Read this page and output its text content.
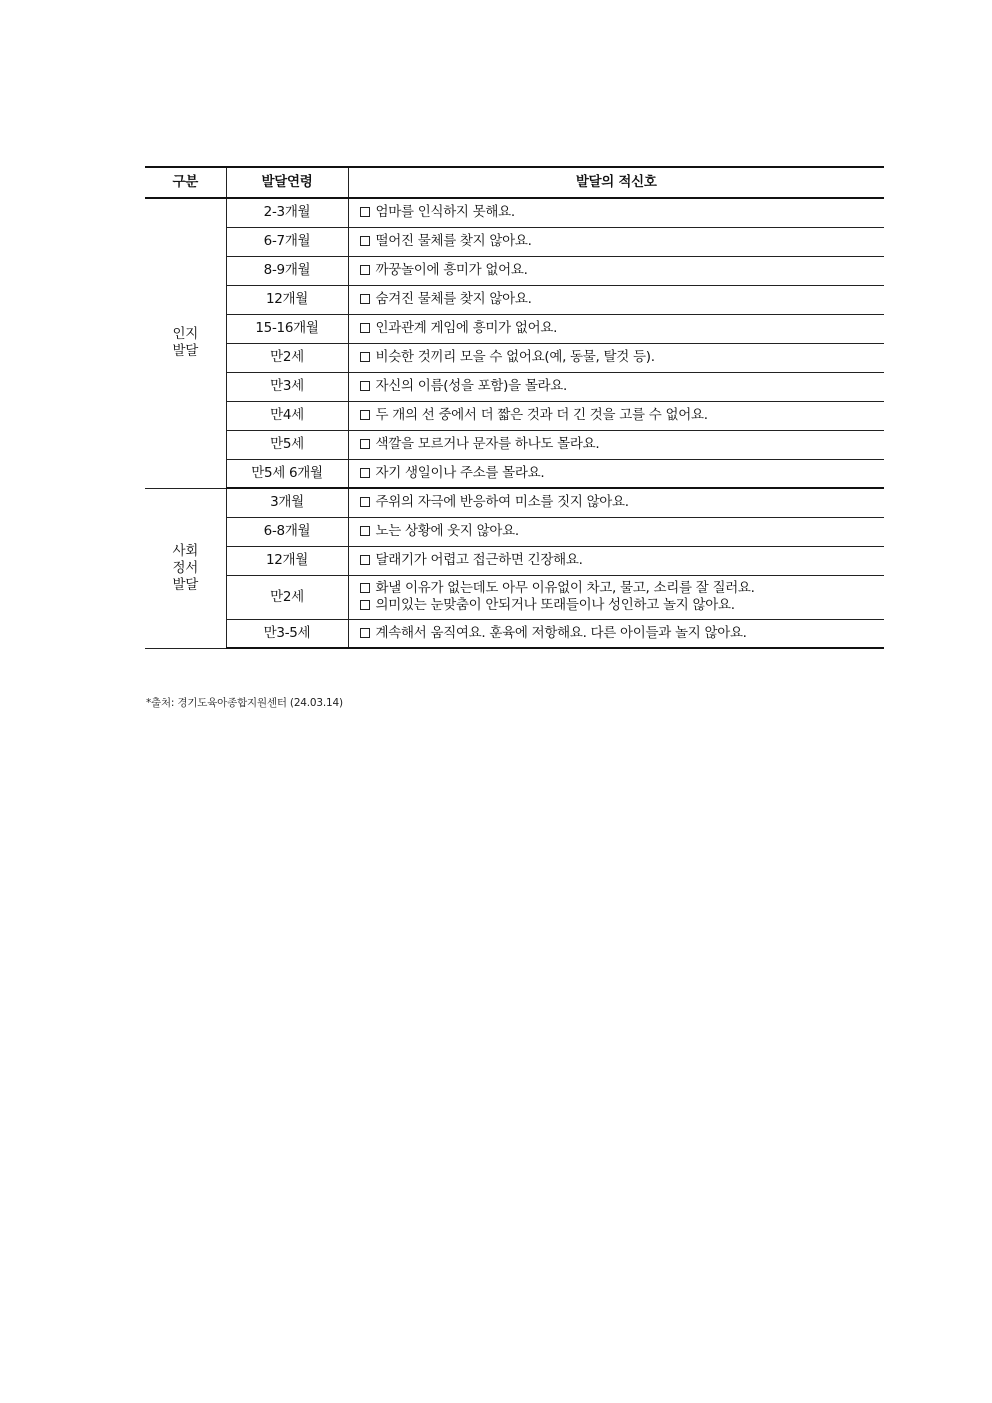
구분	발달연령	발달의 적신호

인지
발달	2-3개월	엄마를 인식하지 못해요.

	6-7개월	떨어진 물체를 찾지 않아요.

	8-9개월	까꿍놀이에 흥미가 없어요.

	12개월	숨겨진 물체를 찾지 않아요.

	15-16개월	인과관계 게임에 흥미가 없어요.

	만2세	비슷한 것끼리 모을 수 없어요(예, 동물, 탈것 등).

	만3세	자신의 이름(성을 포함)을 몰라요.

	만4세	두 개의 선 중에서 더 짧은 것과 더 긴 것을 고를 수 없어요.

	만5세	색깔을 모르거나 문자를 하나도 몰라요.

	만5세 6개월	자기 생일이나 주소를 몰라요.

사회
정서
발달	3개월	주위의 자극에 반응하여 미소를 짓지 않아요.

	6-8개월	노는 상황에 웃지 않아요.

	12개월	달래기가 어렵고 접근하면 긴장해요.

	만2세	화낼 이유가 없는데도 아무 이유없이 차고, 물고, 소리를 잘 질러요.
의미있는 눈맞춤이 안되거나 또래들이나 성인하고 놀지 않아요.

	만3-5세	계속해서 움직여요. 훈육에 저항해요. 다른 아이들과 놀지 않아요.
*출처: 경기도육아종합지원센터 (24.03.14)
